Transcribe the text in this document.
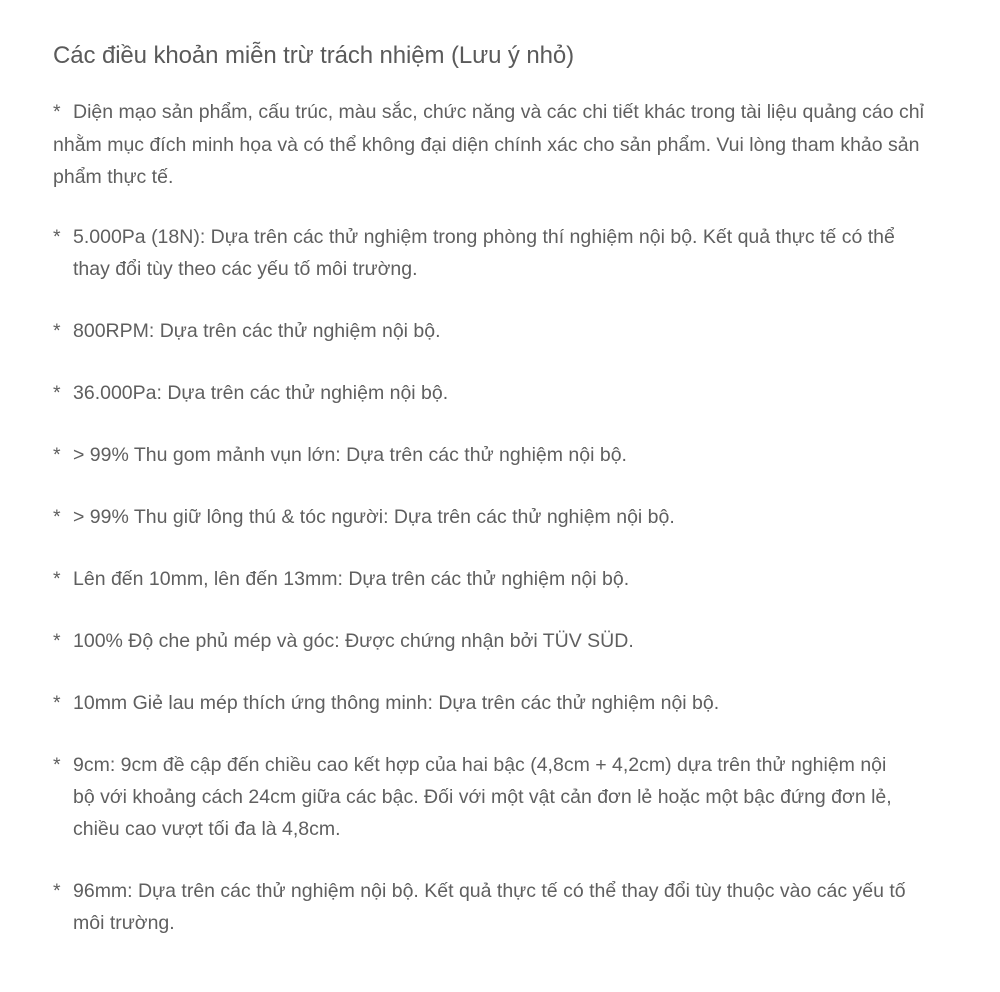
Các điều khoản miễn trừ trách nhiệm (Lưu ý nhỏ)

* Diện mạo sản phẩm, cấu trúc, màu sắc, chức năng và các chi tiết khác trong tài liệu quảng cáo chỉ nhằm mục đích minh họa và có thể không đại diện chính xác cho sản phẩm. Vui lòng tham khảo sản phẩm thực tế.

* 5.000Pa (18N): Dựa trên các thử nghiệm trong phòng thí nghiệm nội bộ. Kết quả thực tế có thể thay đổi tùy theo các yếu tố môi trường.
* 800RPM: Dựa trên các thử nghiệm nội bộ.
* 36.000Pa: Dựa trên các thử nghiệm nội bộ.
* > 99% Thu gom mảnh vụn lớn: Dựa trên các thử nghiệm nội bộ.
* > 99% Thu giữ lông thú & tóc người: Dựa trên các thử nghiệm nội bộ.
* Lên đến 10mm, lên đến 13mm: Dựa trên các thử nghiệm nội bộ.
* 100% Độ che phủ mép và góc: Được chứng nhận bởi TÜV SÜD.
* 10mm Giẻ lau mép thích ứng thông minh: Dựa trên các thử nghiệm nội bộ.
* 9cm: 9cm đề cập đến chiều cao kết hợp của hai bậc (4,8cm + 4,2cm) dựa trên thử nghiệm nội bộ với khoảng cách 24cm giữa các bậc. Đối với một vật cản đơn lẻ hoặc một bậc đứng đơn lẻ, chiều cao vượt tối đa là 4,8cm.
* 96mm: Dựa trên các thử nghiệm nội bộ. Kết quả thực tế có thể thay đổi tùy thuộc vào các yếu tố môi trường.
